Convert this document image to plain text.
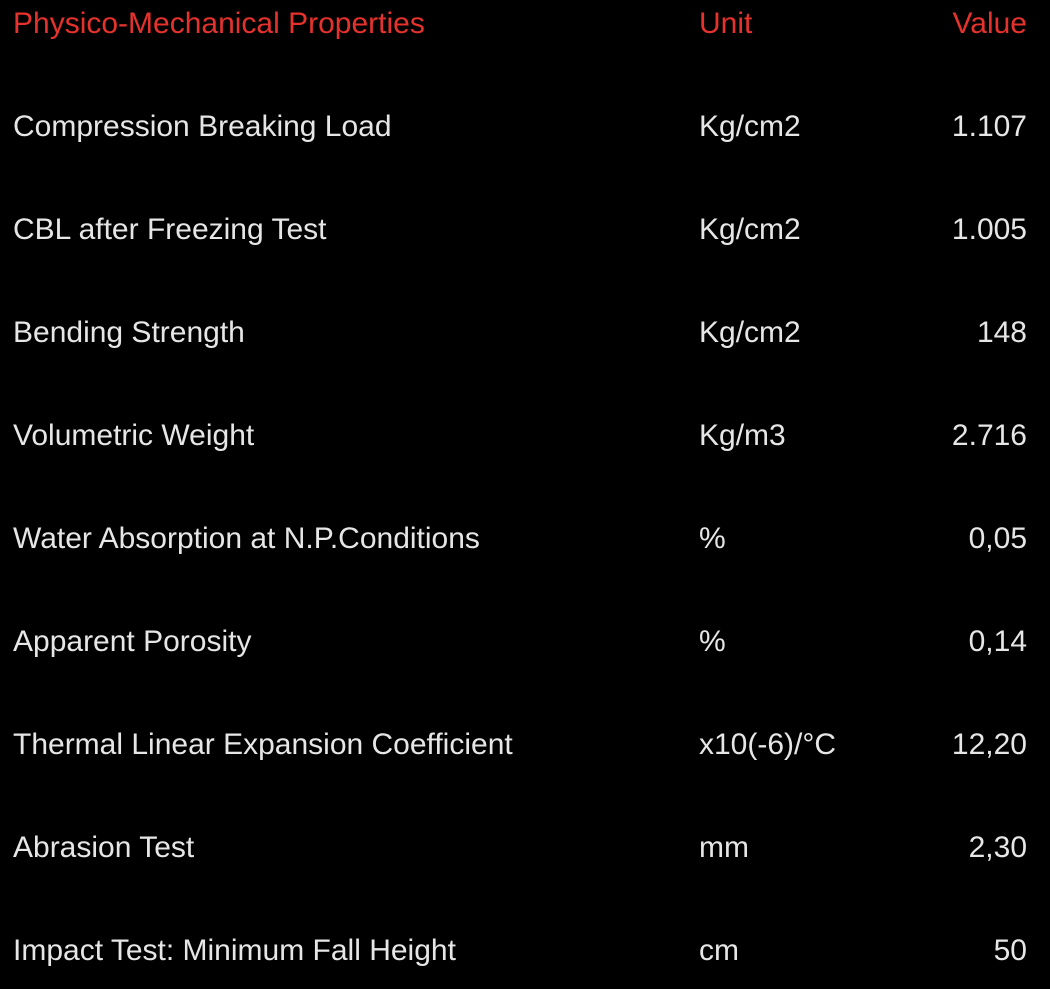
Physico-Mechanical Properties	Unit	Value
Compression Breaking Load	Kg/cm2	1.107
CBL after Freezing Test	Kg/cm2	1.005
Bending Strength	Kg/cm2	148
Volumetric Weight	Kg/m3	2.716
Water Absorption at N.P.Conditions	%	0,05
Apparent Porosity	%	0,14
Thermal Linear Expansion Coefficient	x10(-6)/°C	12,20
Abrasion Test	mm	2,30
Impact Test: Minimum Fall Height	cm	50
